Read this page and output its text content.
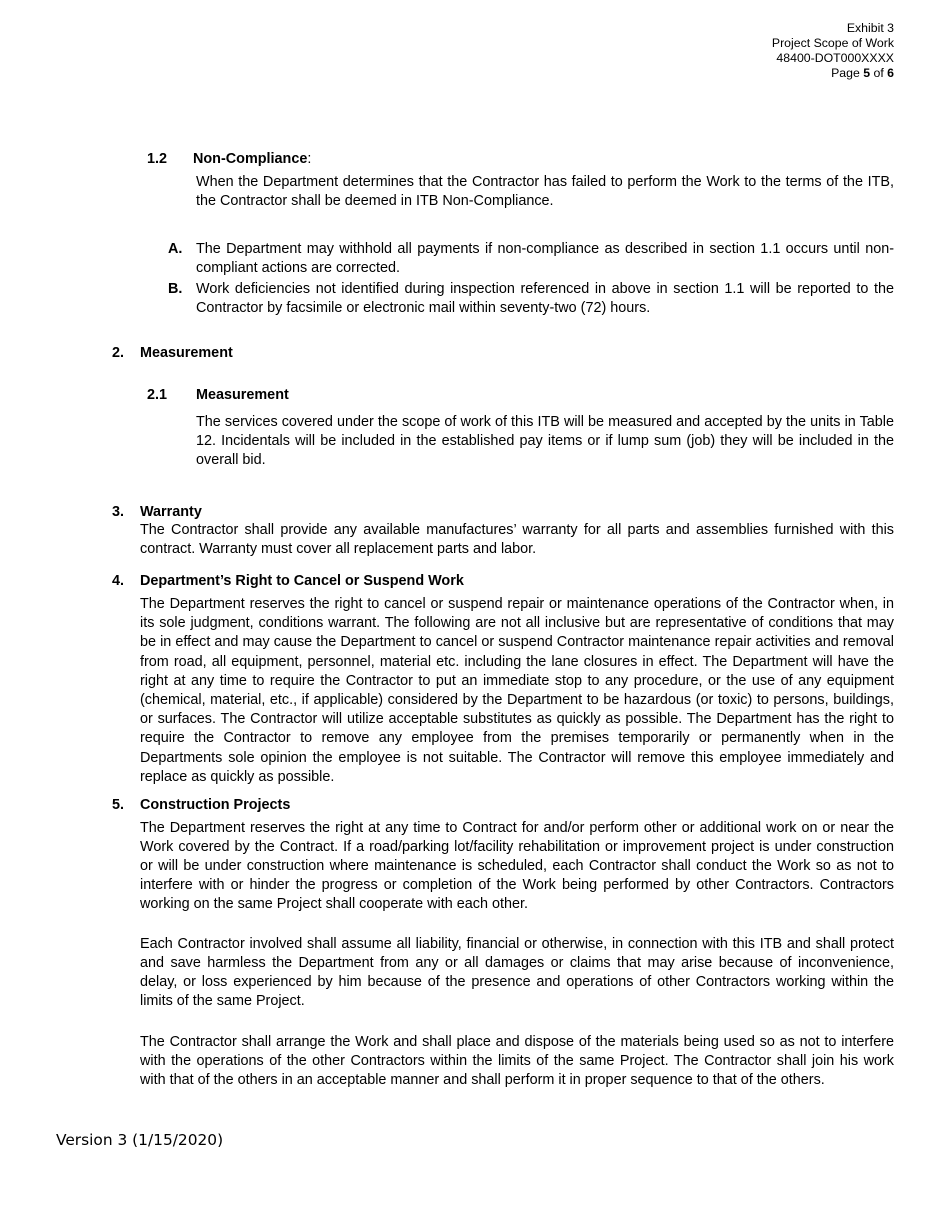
Exhibit 3
Project Scope of Work
48400-DOT000XXXX
Page 5 of 6
1.2 Non-Compliance:
When the Department determines that the Contractor has failed to perform the Work to the terms of the ITB, the Contractor shall be deemed in ITB Non-Compliance.
A. The Department may withhold all payments if non-compliance as described in section 1.1 occurs until non-compliant actions are corrected.
B. Work deficiencies not identified during inspection referenced in above in section 1.1 will be reported to the Contractor by facsimile or electronic mail within seventy-two (72) hours.
2. Measurement
2.1 Measurement
The services covered under the scope of work of this ITB will be measured and accepted by the units in Table 12. Incidentals will be included in the established pay items or if lump sum (job) they will be included in the overall bid.
3. Warranty
The Contractor shall provide any available manufactures’ warranty for all parts and assemblies furnished with this contract. Warranty must cover all replacement parts and labor.
4. Department’s Right to Cancel or Suspend Work
The Department reserves the right to cancel or suspend repair or maintenance operations of the Contractor when, in its sole judgment, conditions warrant. The following are not all inclusive but are representative of conditions that may be in effect and may cause the Department to cancel or suspend Contractor maintenance repair activities and removal from road, all equipment, personnel, material etc. including the lane closures in effect. The Department will have the right at any time to require the Contractor to put an immediate stop to any procedure, or the use of any equipment (chemical, material, etc., if applicable) considered by the Department to be hazardous (or toxic) to persons, buildings, or surfaces. The Contractor will utilize acceptable substitutes as quickly as possible. The Department has the right to require the Contractor to remove any employee from the premises temporarily or permanently when in the Departments sole opinion the employee is not suitable. The Contractor will remove this employee immediately and replace as quickly as possible.
5. Construction Projects
The Department reserves the right at any time to Contract for and/or perform other or additional work on or near the Work covered by the Contract. If a road/parking lot/facility rehabilitation or improvement project is under construction or will be under construction where maintenance is scheduled, each Contractor shall conduct the Work so as not to interfere with or hinder the progress or completion of the Work being performed by other Contractors. Contractors working on the same Project shall cooperate with each other.
Each Contractor involved shall assume all liability, financial or otherwise, in connection with this ITB and shall protect and save harmless the Department from any or all damages or claims that may arise because of inconvenience, delay, or loss experienced by him because of the presence and operations of other Contractors working within the limits of the same Project.
The Contractor shall arrange the Work and shall place and dispose of the materials being used so as not to interfere with the operations of the other Contractors within the limits of the same Project. The Contractor shall join his work with that of the others in an acceptable manner and shall perform it in proper sequence to that of the others.
Version 3 (1/15/2020)
